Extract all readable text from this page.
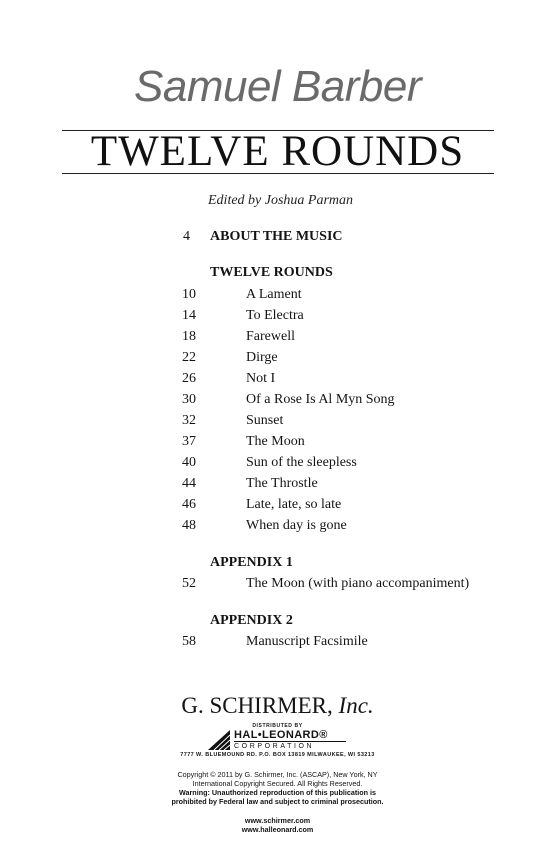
Samuel Barber
TWELVE ROUNDS
Edited by Joshua Parman
4 ABOUT THE MUSIC
TWELVE ROUNDS
10	A Lament
14	To Electra
18	Farewell
22	Dirge
26	Not I
30	Of a Rose Is Al Myn Song
32	Sunset
37	The Moon
40	Sun of the sleepless
44	The Throstle
46	Late, late, so late
48	When day is gone
APPENDIX 1
52	The Moon (with piano accompaniment)
APPENDIX 2
58	Manuscript Facsimile
G. SCHIRMER, Inc.
DISTRIBUTED BY
HAL•LEONARD®
CORPORATION
7777 W. BLUEMOUND RD. P.O. BOX 13819 MILWAUKEE, WI 53213
Copyright © 2011 by G. Schirmer, Inc. (ASCAP), New York, NY
International Copyright Secured. All Rights Reserved.
Warning: Unauthorized reproduction of this publication is
prohibited by Federal law and subject to criminal prosecution.
www.schirmer.com
www.halleonard.com
